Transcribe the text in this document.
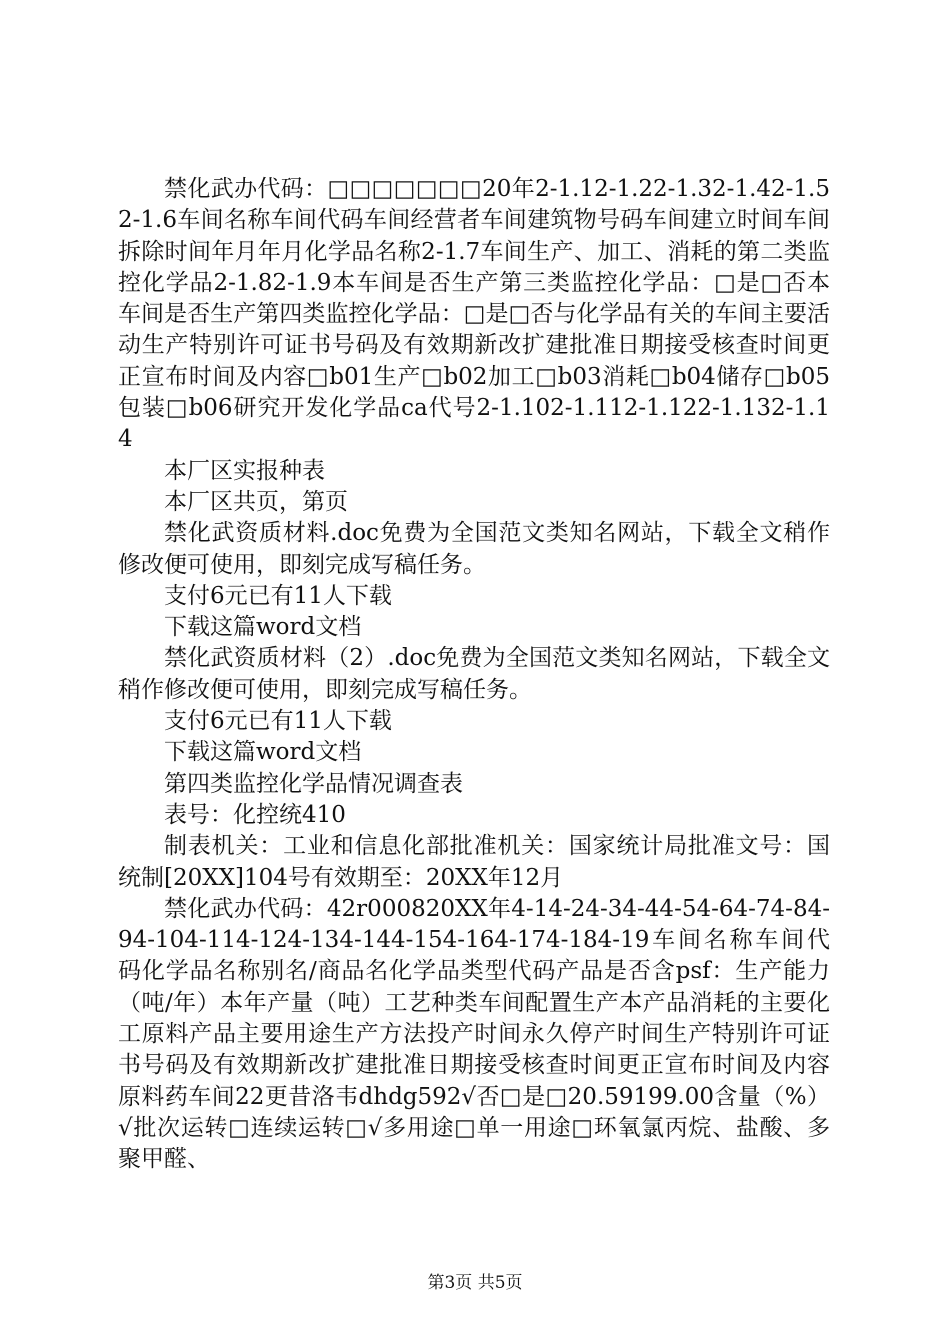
禁化武办代码：□□□□□□□20年2-1.12-1.22-1.32-1.42-1.52-1.6车间名称车间代码车间经营者车间建筑物号码车间建立时间车间拆除时间年月年月化学品名称2-1.7车间生产、加工、消耗的第二类监控化学品2-1.82-1.9本车间是否生产第三类监控化学品：□是□否本车间是否生产第四类监控化学品：□是□否与化学品有关的车间主要活动生产特别许可证书号码及有效期新改扩建批准日期接受核查时间更正宣布时间及内容□b01生产□b02加工□b03消耗□b04储存□b05包装□b06研究开发化学品ca代号2-1.102-1.112-1.122-1.132-1.14

本厂区实报种表

本厂区共页，第页

禁化武资质材料.doc免费为全国范文类知名网站，下载全文稍作修改便可使用，即刻完成写稿任务。

支付6元已有11人下载

下载这篇word文档

禁化武资质材料（2）.doc免费为全国范文类知名网站，下载全文稍作修改便可使用，即刻完成写稿任务。

支付6元已有11人下载

下载这篇word文档

第四类监控化学品情况调查表

表号：化控统410

制表机关：工业和信息化部批准机关：国家统计局批准文号：国统制[20XX]104号有效期至：20XX年12月

禁化武办代码：42r000820XX年4-14-24-34-44-54-64-74-84-94-104-114-124-134-144-154-164-174-184-19车间名称车间代码化学品名称别名/商品名化学品类型代码产品是否含psf：生产能力（吨/年）本年产量（吨）工艺种类车间配置生产本产品消耗的主要化工原料产品主要用途生产方法投产时间永久停产时间生产特别许可证书号码及有效期新改扩建批准日期接受核查时间更正宣布时间及内容原料药车间22更昔洛韦dhdg592√否□是□20.59199.00含量（%）√批次运转□连续运转□√多用途□单一用途□环氧氯丙烷、盐酸、多聚甲醛、

第3页 共5页
